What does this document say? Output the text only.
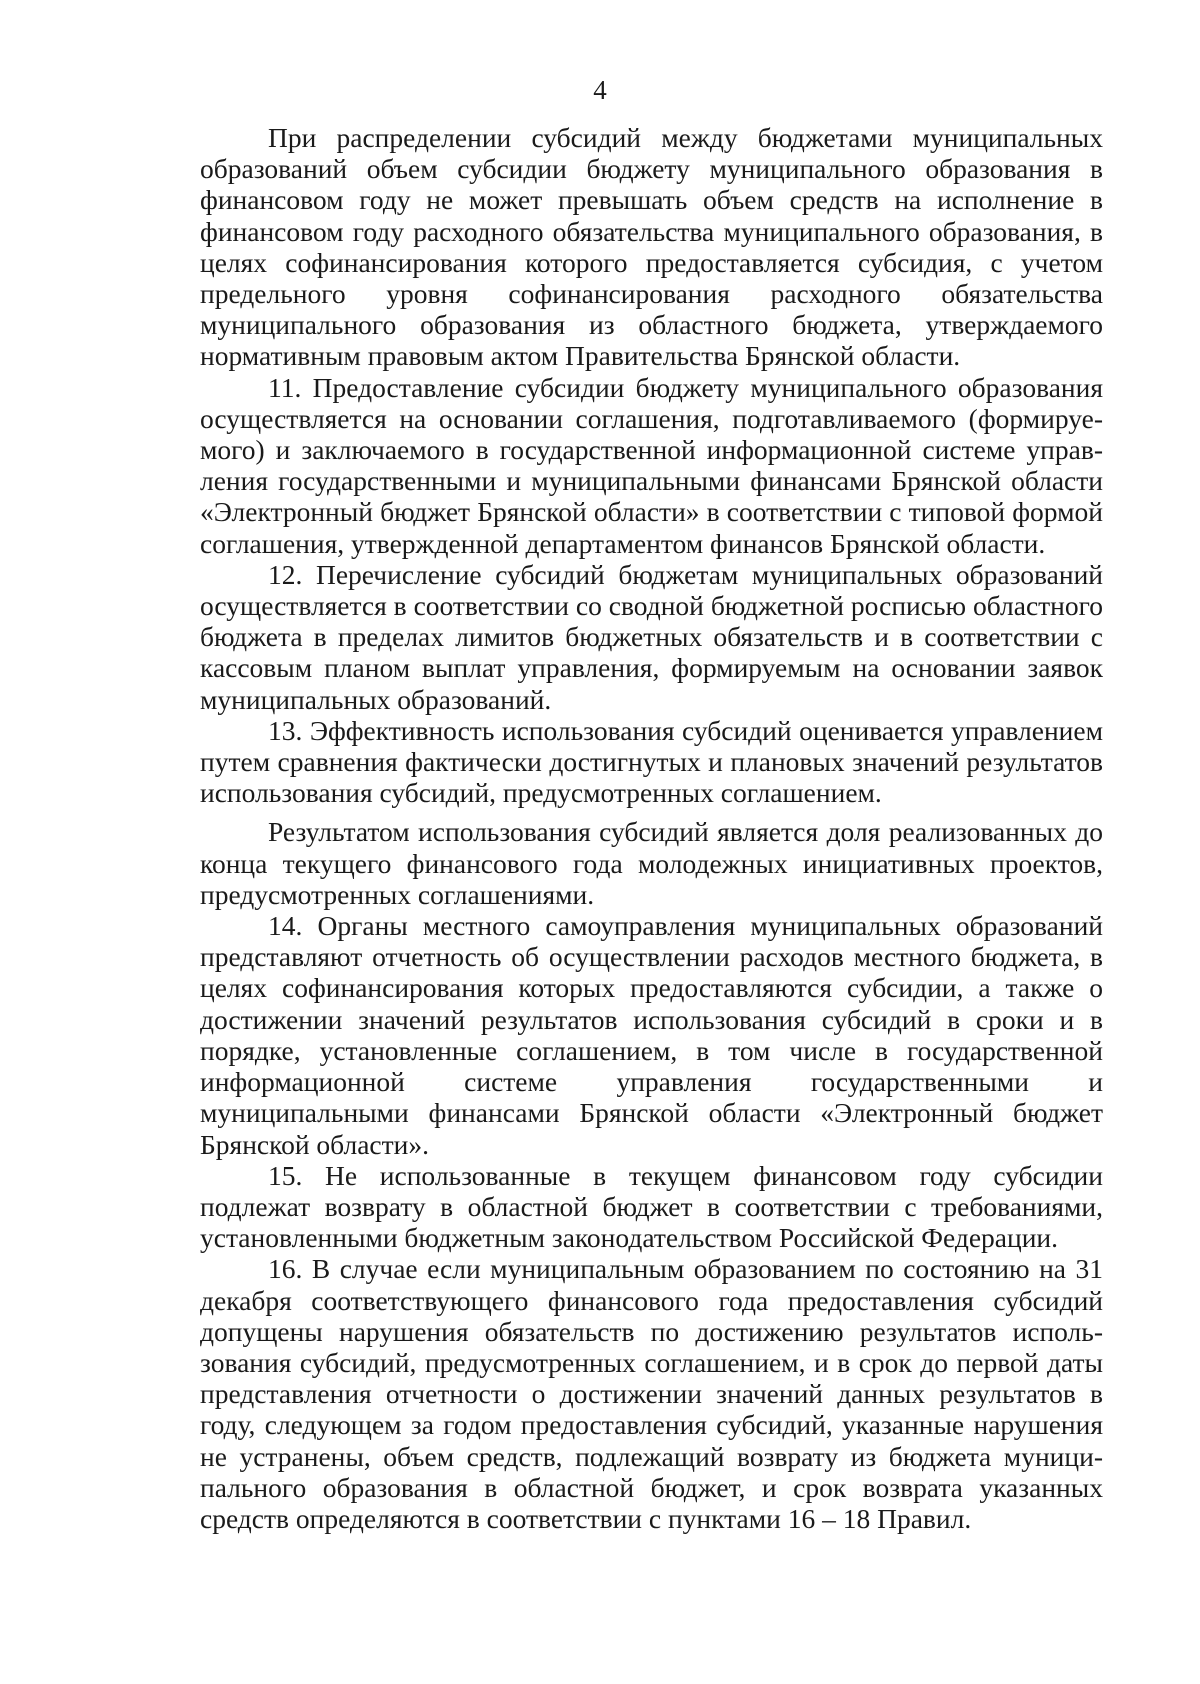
4

При распределении субсидий между бюджетами муниципальных образований объем субсидии бюджету муниципального образования в финансовом году не может превышать объем средств на исполнение в финансовом году расходного обязательства муниципального образования, в целях софинансирования которого предоставляется субсидия, с учетом предельного уровня софинансирования расходного обязательства муниципального образования из областного бюджета, утверждаемого нормативным правовым актом Правительства Брянской области.

11. Предоставление субсидии бюджету муниципального образования осуществляется на основании соглашения, подготавливаемого (формируемого) и заключаемого в государственной информационной системе управления государственными и муниципальными финансами Брянской области «Электронный бюджет Брянской области» в соответствии с типовой формой соглашения, утвержденной департаментом финансов Брянской области.

12. Перечисление субсидий бюджетам муниципальных образований осуществляется в соответствии со сводной бюджетной росписью областного бюджета в пределах лимитов бюджетных обязательств и в соответствии с кассовым планом выплат управления, формируемым на основании заявок муниципальных образований.

13. Эффективность использования субсидий оценивается управлением путем сравнения фактически достигнутых и плановых значений результатов использования субсидий, предусмотренных соглашением.

Результатом использования субсидий является доля реализованных до конца текущего финансового года молодежных инициативных проектов, предусмотренных соглашениями.

14. Органы местного самоуправления муниципальных образований представляют отчетность об осуществлении расходов местного бюджета, в целях софинансирования которых предоставляются субсидии, а также о достижении значений результатов использования субсидий в сроки и в порядке, установленные соглашением, в том числе в государственной информационной системе управления государственными и муниципальными финансами Брянской области «Электронный бюджет Брянской области».

15. Не использованные в текущем финансовом году субсидии подлежат возврату в областной бюджет в соответствии с требованиями, установленными бюджетным законодательством Российской Федерации.

16. В случае если муниципальным образованием по состоянию на 31 декабря соответствующего финансового года предоставления субсидий допущены нарушения обязательств по достижению результатов использования субсидий, предусмотренных соглашением, и в срок до первой даты представления отчетности о достижении значений данных результатов в году, следующем за годом предоставления субсидий, указанные нарушения не устранены, объем средств, подлежащий возврату из бюджета муниципального образования в областной бюджет, и срок возврата указанных средств определяются в соответствии с пунктами 16 – 18 Правил.
